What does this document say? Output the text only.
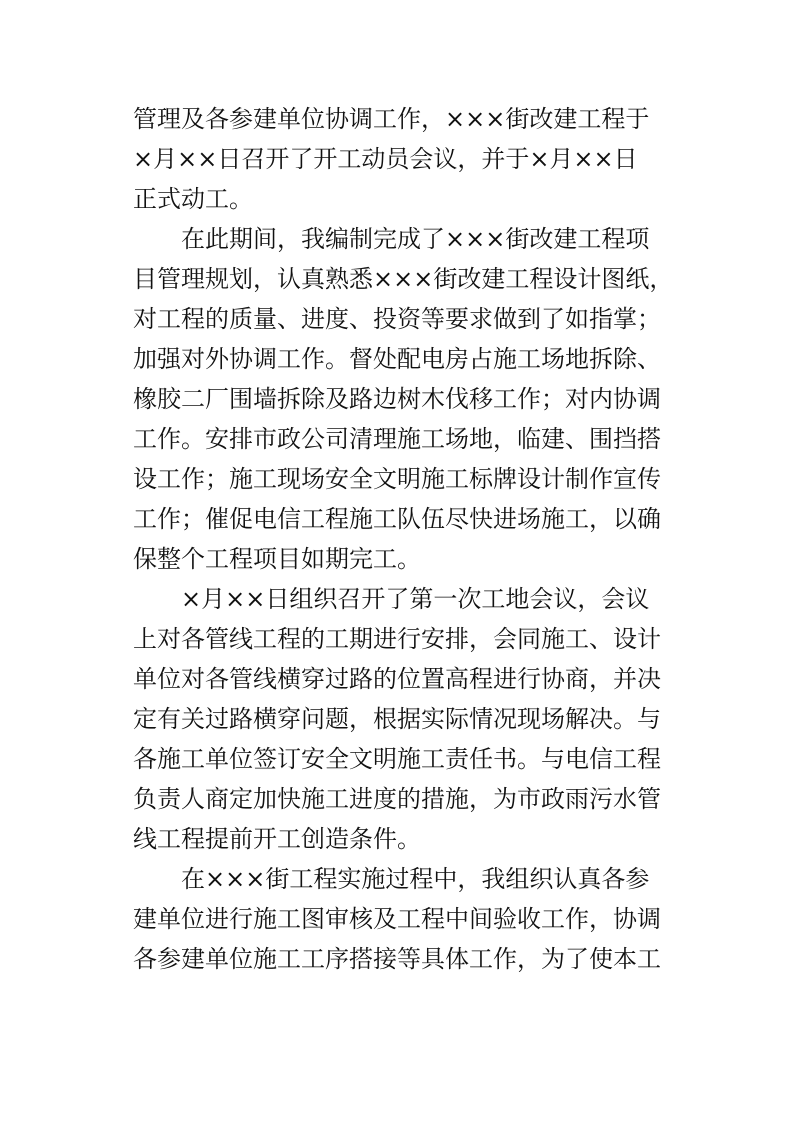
管理及各参建单位协调工作，×××街改建工程于
×月××日召开了开工动员会议，并于×月××日
正式动工。
在此期间，我编制完成了×××街改建工程项
目管理规划，认真熟悉×××街改建工程设计图纸，
对工程的质量、进度、投资等要求做到了如指掌；
加强对外协调工作。督处配电房占施工场地拆除、
橡胶二厂围墙拆除及路边树木伐移工作；对内协调
工作。安排市政公司清理施工场地，临建、围挡搭
设工作；施工现场安全文明施工标牌设计制作宣传
工作；催促电信工程施工队伍尽快进场施工，以确
保整个工程项目如期完工。
×月××日组织召开了第一次工地会议，会议
上对各管线工程的工期进行安排，会同施工、设计
单位对各管线横穿过路的位置高程进行协商，并决
定有关过路横穿问题，根据实际情况现场解决。与
各施工单位签订安全文明施工责任书。与电信工程
负责人商定加快施工进度的措施，为市政雨污水管
线工程提前开工创造条件。
在×××街工程实施过程中，我组织认真各参
建单位进行施工图审核及工程中间验收工作，协调
各参建单位施工工序搭接等具体工作，为了使本工
